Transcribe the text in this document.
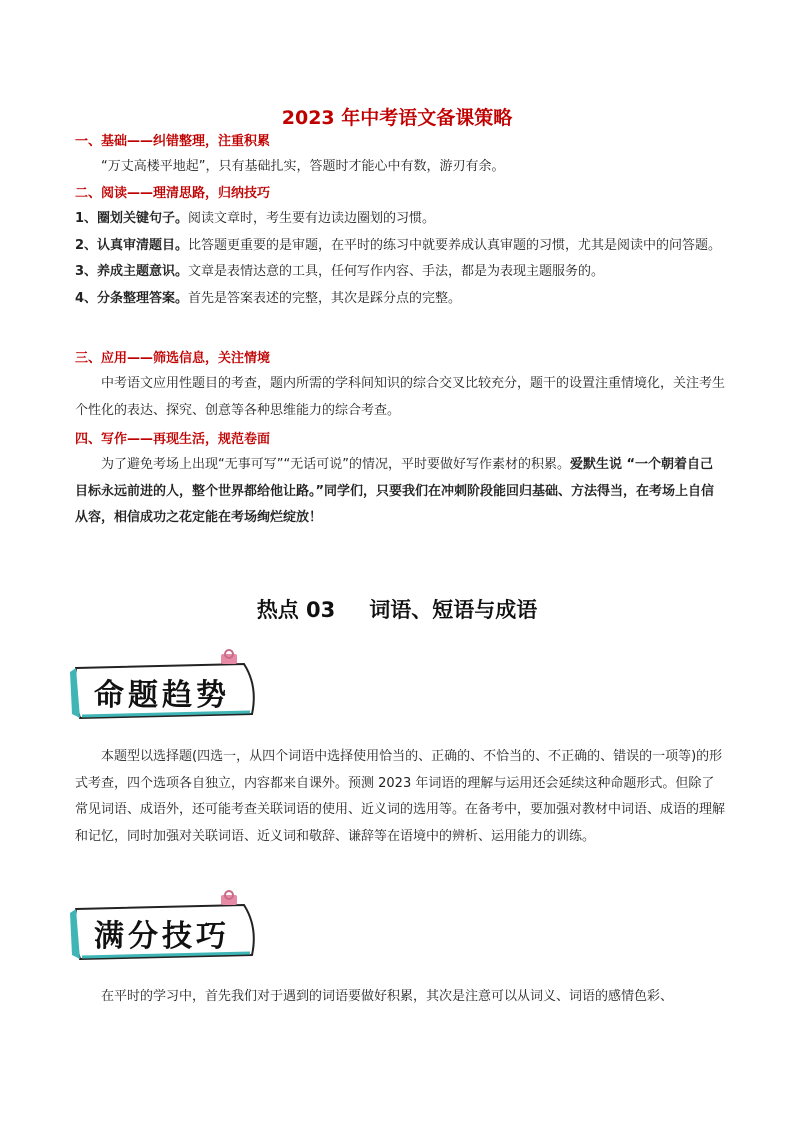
2023 年中考语文备课策略
一、基础——纠错整理，注重积累

“万丈高楼平地起”，只有基础扎实，答题时才能心中有数，游刃有余。

二、阅读——理清思路，归纳技巧

1、圈划关键句子。阅读文章时，考生要有边读边圈划的习惯。

2、认真审清题目。比答题更重要的是审题，在平时的练习中就要养成认真审题的习惯，尤其是阅读中的问答题。

3、养成主题意识。文章是表情达意的工具，任何写作内容、手法，都是为表现主题服务的。

4、分条整理答案。首先是答案表述的完整，其次是踩分点的完整。

三、应用——筛选信息，关注情境

中考语文应用性题目的考查，题内所需的学科间知识的综合交叉比较充分，题干的设置注重情境化，关注考生个性化的表达、探究、创意等各种思维能力的综合考查。

四、写作——再现生活，规范卷面

为了避免考场上出现“无事可写”“无话可说”的情况，平时要做好写作素材的积累。爱默生说 “一个朝着自己目标永远前进的人，整个世界都给他让路。”同学们，只要我们在冲刺阶段能回归基础、方法得当，在考场上自信从容，相信成功之花定能在考场绚烂绽放！

热点 03 词语、短语与成语
命题趋势

本题型以选择题(四选一，从四个词语中选择使用恰当的、正确的、不恰当的、不正确的、错误的一项等)的形式考查，四个选项各自独立，内容都来自课外。预测 2023 年词语的理解与运用还会延续这种命题形式。但除了常见词语、成语外，还可能考查关联词语的使用、近义词的选用等。在备考中，要加强对教材中词语、成语的理解和记忆，同时加强对关联词语、近义词和敬辞、谦辞等在语境中的辨析、运用能力的训练。

满分技巧

在平时的学习中，首先我们对于遇到的词语要做好积累，其次是注意可以从词义、词语的感情色彩、
